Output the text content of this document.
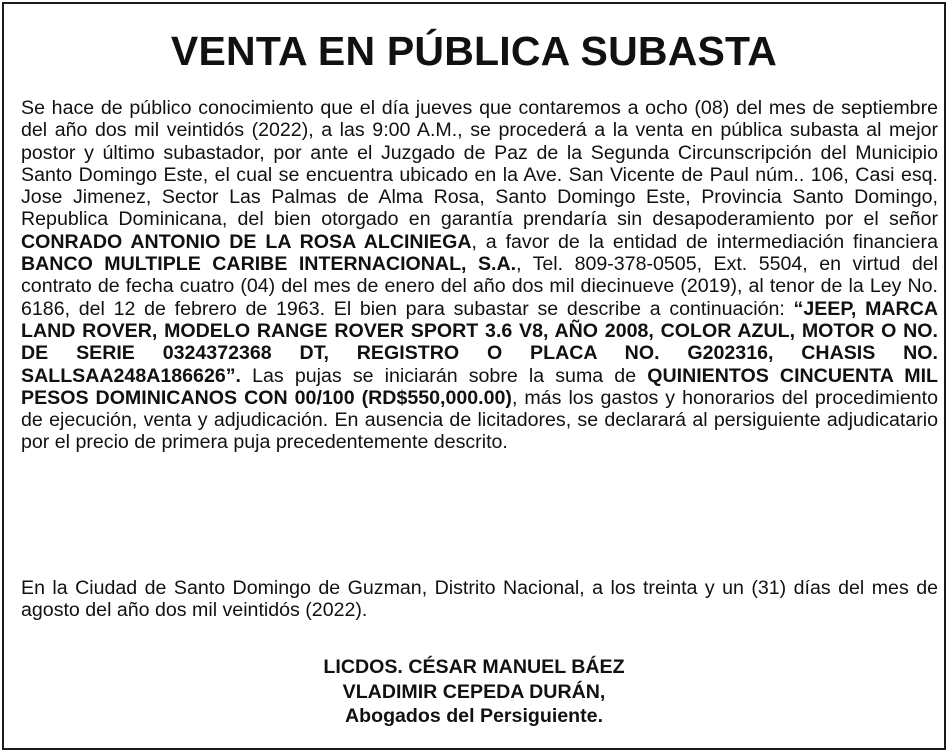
VENTA EN PÚBLICA SUBASTA

Se hace de público conocimiento que el día jueves que contaremos a ocho (08) del mes de septiembre del año dos mil veintidós (2022), a las 9:00 A.M., se procederá a la venta en pública subasta al mejor postor y último subastador, por ante el Juzgado de Paz de la Segunda Circunscripción del Municipio Santo Domingo Este, el cual se encuentra ubicado en la Ave. San Vicente de Paul núm.. 106, Casi esq. Jose Jimenez, Sector Las Palmas de Alma Rosa, Santo Domingo Este, Provincia Santo Domingo, Republica Dominicana, del bien otorgado en garantía prendaría sin desapoderamiento por el señor CONRADO ANTONIO DE LA ROSA ALCINIEGA, a favor de la entidad de intermediación financiera BANCO MULTIPLE CARIBE INTERNACIONAL, S.A., Tel. 809-378-0505, Ext. 5504, en virtud del contrato de fecha cuatro (04) del mes de enero del año dos mil diecinueve (2019), al tenor de la Ley No. 6186, del 12 de febrero de 1963. El bien para subastar se describe a continuación: “JEEP, MARCA LAND ROVER, MODELO RANGE ROVER SPORT 3.6 V8, AÑO 2008, COLOR AZUL, MOTOR O NO. DE SERIE 0324372368 DT, REGISTRO O PLACA NO. G202316, CHASIS NO. SALLSAA248A186626”. Las pujas se iniciarán sobre la suma de QUINIENTOS CINCUENTA MIL PESOS DOMINICANOS CON 00/100 (RD$550,000.00), más los gastos y honorarios del procedimiento de ejecución, venta y adjudicación. En ausencia de licitadores, se declarará al persiguiente adjudicatario por el precio de primera puja precedentemente descrito.

En la Ciudad de Santo Domingo de Guzman, Distrito Nacional, a los treinta y un (31) días del mes de agosto del año dos mil veintidós (2022).

LICDOS. CÉSAR MANUEL BÁEZ
VLADIMIR CEPEDA DURÁN,
Abogados del Persiguiente.
